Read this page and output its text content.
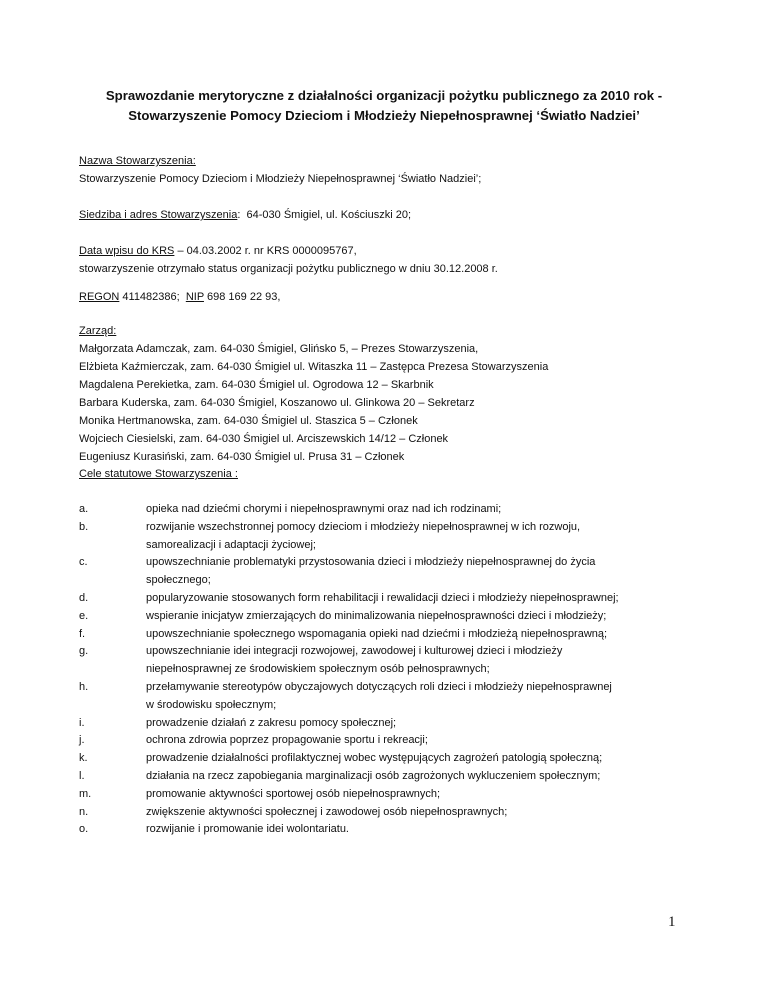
Sprawozdanie merytoryczne z działalności organizacji pożytku publicznego za 2010 rok -
Stowarzyszenie Pomocy Dzieciom i Młodzieży Niepełnosprawnej ‘Światło Nadziei’
Nazwa Stowarzyszenia:
Stowarzyszenie Pomocy Dzieciom i Młodzieży Niepełnosprawnej ‘Światło Nadziei’;
Siedziba i adres Stowarzyszenia:  64-030 Śmigiel, ul. Kościuszki 20;
Data wpisu do KRS – 04.03.2002 r. nr KRS 0000095767,
stowarzyszenie otrzymało status organizacji pożytku publicznego w dniu 30.12.2008 r.
REGON 411482386;  NIP 698 169 22 93,
Zarząd:
Małgorzata Adamczak, zam. 64-030 Śmigiel, Glińsko 5, – Prezes Stowarzyszenia,
Elżbieta Kaźmierczak, zam. 64-030 Śmigiel ul. Witaszka 11 – Zastępca Prezesa Stowarzyszenia
Magdalena Perekietka, zam. 64-030 Śmigiel ul. Ogrodowa 12 – Skarbnik
Barbara Kuderska, zam. 64-030 Śmigiel, Koszanowo ul. Glinkowa 20 – Sekretarz
Monika Hertmanowska, zam. 64-030 Śmigiel ul. Staszica 5 – Członek
Wojciech Ciesielski, zam. 64-030 Śmigiel ul. Arciszewskich 14/12 – Członek
Eugeniusz Kurasiński, zam. 64-030 Śmigiel ul. Prusa 31 – Członek
Cele statutowe Stowarzyszenia :
a.	opieka nad dziećmi chorymi i niepełnosprawnymi oraz nad ich rodzinami;
b.	rozwijanie wszechstronnej pomocy dzieciom i młodzieży niepełnosprawnej w ich rozwoju,
samorealizacji i adaptacji życiowej;
c.	upowszechnianie problematyki przystosowania dzieci i młodzieży niepełnosprawnej do życia
społecznego;
d.	popularyzowanie stosowanych form rehabilitacji i rewalidacji dzieci i młodzieży niepełnosprawnej;
e.	wspieranie inicjatyw zmierzających do minimalizowania niepełnosprawności dzieci i młodzieży;
f.	upowszechnianie społecznego wspomagania opieki nad dziećmi i młodzieżą niepełnosprawną;
g.	upowszechnianie idei integracji rozwojowej, zawodowej i kulturowej dzieci i młodzieży
niepełnosprawnej ze środowiskiem społecznym osób pełnosprawnych;
h.	przełamywanie stereotypów obyczajowych dotyczących roli dzieci i młodzieży niepełnosprawnej
w środowisku społecznym;
i.	prowadzenie działań z zakresu pomocy społecznej;
j.	ochrona zdrowia poprzez propagowanie sportu i rekreacji;
k.	prowadzenie działalności profilaktycznej wobec występujących zagrożeń patologią społeczną;
l.	działania na rzecz zapobiegania marginalizacji osób zagrożonych wykluczeniem społecznym;
m.	promowanie aktywności sportowej osób niepełnosprawnych;
n.	zwiększenie aktywności społecznej i zawodowej osób niepełnosprawnych;
o.	rozwijanie i promowanie idei wolontariatu.
1
